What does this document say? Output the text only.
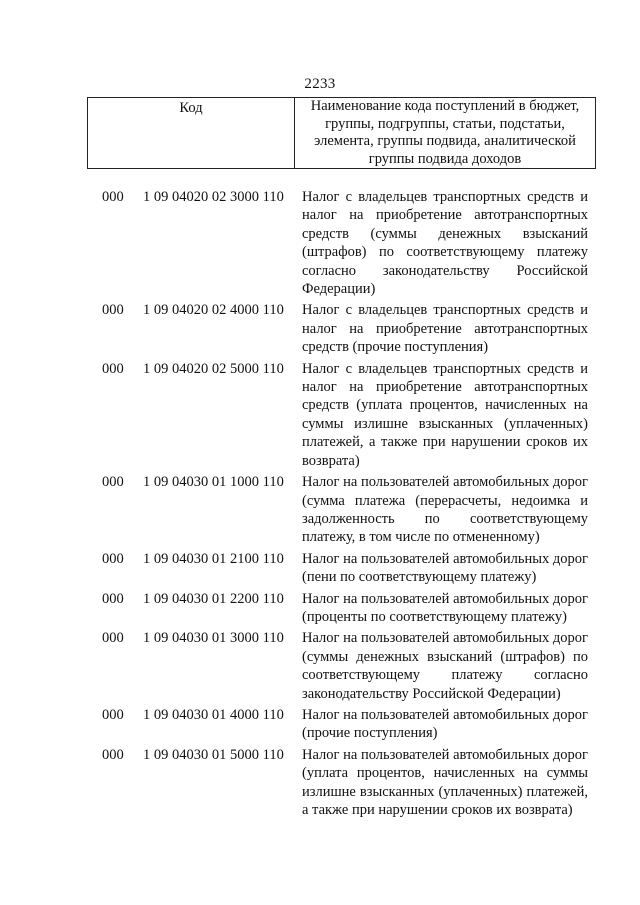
2233
Код	Наименование кода поступлений в бюджет, группы, подгруппы, статьи, подстатьи, элемента, группы подвида, аналитической группы подвида доходов
000	1 09 04020 02 3000 110	Налог с владельцев транспортных средств и налог на приобретение автотранспортных средств (суммы денежных взысканий (штрафов) по соответствующему платежу согласно законодательству Российской Федерации)
000	1 09 04020 02 4000 110	Налог с владельцев транспортных средств и налог на приобретение автотранспортных средств (прочие поступления)
000	1 09 04020 02 5000 110	Налог с владельцев транспортных средств и налог на приобретение автотранспортных средств (уплата процентов, начисленных на суммы излишне взысканных (уплаченных) платежей, а также при нарушении сроков их возврата)
000	1 09 04030 01 1000 110	Налог на пользователей автомобильных дорог (сумма платежа (перерасчеты, недоимка и задолженность по соответствующему платежу, в том числе по отмененному)
000	1 09 04030 01 2100 110	Налог на пользователей автомобильных дорог (пени по соответствующему платежу)
000	1 09 04030 01 2200 110	Налог на пользователей автомобильных дорог (проценты по соответствующему платежу)
000	1 09 04030 01 3000 110	Налог на пользователей автомобильных дорог (суммы денежных взысканий (штрафов) по соответствующему платежу согласно законодательству Российской Федерации)
000	1 09 04030 01 4000 110	Налог на пользователей автомобильных дорог (прочие поступления)
000	1 09 04030 01 5000 110	Налог на пользователей автомобильных дорог (уплата процентов, начисленных на суммы излишне взысканных (уплаченных) платежей, а также при нарушении сроков их возврата)
